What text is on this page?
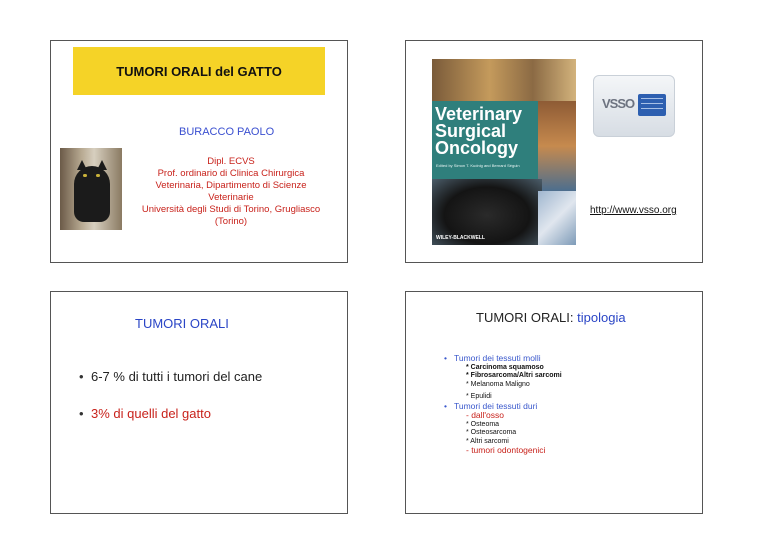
TUMORI ORALI del GATTO
BURACCO PAOLO
Dipl. ECVS
Prof. ordinario di Clinica Chirurgica
Veterinaria, Dipartimento di Scienze
Veterinarie
Università degli Studi di Torino, Grugliasco
(Torino)
Veterinary
Surgical
Oncology
Edited by Simon T. Kudnig and Bernard Séguin
WILEY-BLACKWELL
VSSO
http://www.vsso.org
TUMORI ORALI
• 6-7 % di tutti i tumori del cane
• 3% di quelli del gatto
TUMORI ORALI: tipologia
• Tumori dei tessuti molli
* Carcinoma squamoso
* Fibrosarcoma/Altri sarcomi
* Melanoma Maligno
* Epulidi
• Tumori dei tessuti duri
- dall'osso
* Osteoma
* Osteosarcoma
* Altri sarcomi
- tumori odontogenici
